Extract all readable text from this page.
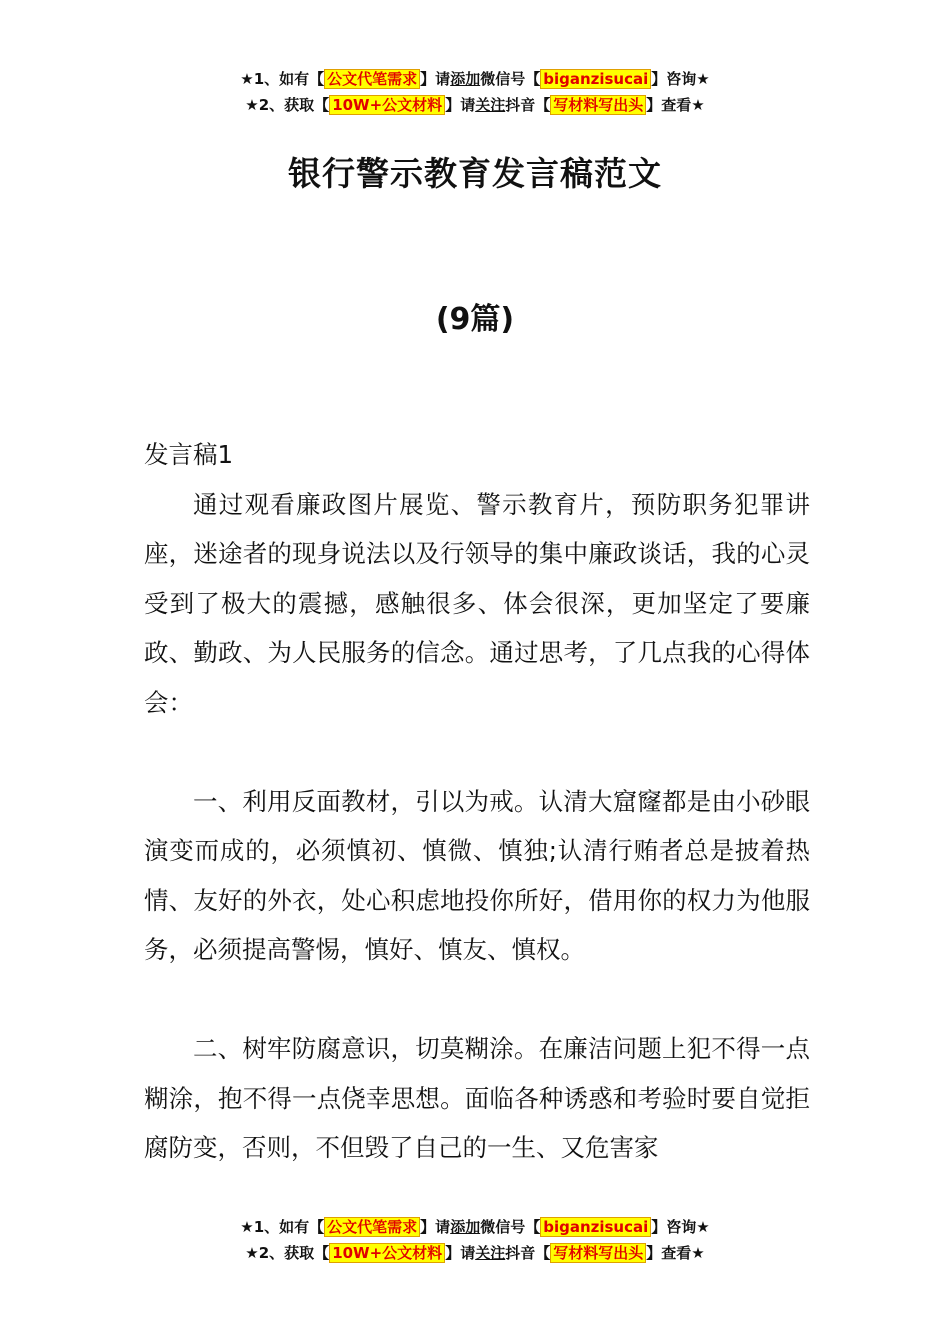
★1、如有【 公文代笔需求 】请添加微信号【 biganzisucai 】咨询★
★2、获取【 10W+公文材料 】请关注抖音【 写材料写出头 】查看★
银行警示教育发言稿范文
(9篇)

发言稿1

通过观看廉政图片展览、警示教育片，预防职务犯罪讲座，迷途者的现身说法以及行领导的集中廉政谈话，我的心灵受到了极大的震撼，感触很多、体会很深，更加坚定了要廉政、勤政、为人民服务的信念。通过思考，了几点我的心得体会：

一、利用反面教材，引以为戒。认清大窟窿都是由小砂眼演变而成的，必须慎初、慎微、慎独;认清行贿者总是披着热情、友好的外衣，处心积虑地投你所好，借用你的权力为他服务，必须提高警惕，慎好、慎友、慎权。

二、树牢防腐意识，切莫糊涂。在廉洁问题上犯不得一点糊涂，抱不得一点侥幸思想。面临各种诱惑和考验时要自觉拒腐防变，否则，不但毁了自己的一生、又危害家

★1、如有【 公文代笔需求 】请添加微信号【 biganzisucai 】咨询★
★2、获取【 10W+公文材料 】请关注抖音【 写材料写出头 】查看★
